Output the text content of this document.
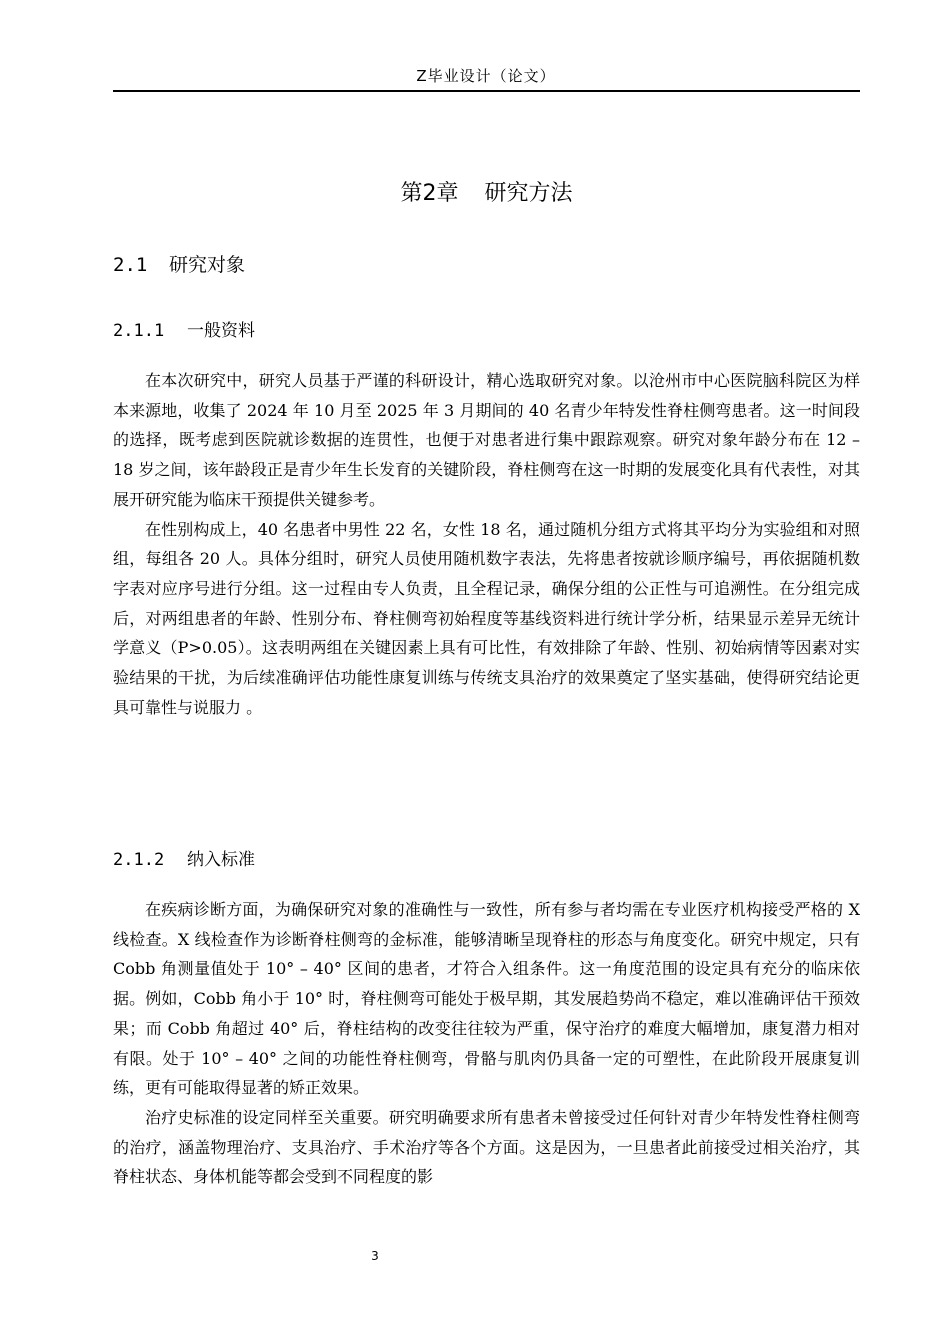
Z毕业设计（论文）
第2章 研究方法
2.1 研究对象
2.1.1 一般资料

在本次研究中，研究人员基于严谨的科研设计，精心选取研究对象。以沧州市中心医院脑科院区为样本来源地，收集了 2024 年 10 月至 2025 年 3 月期间的 40 名青少年特发性脊柱侧弯患者。这一时间段的选择，既考虑到医院就诊数据的连贯性，也便于对患者进行集中跟踪观察。研究对象年龄分布在 12 – 18 岁之间，该年龄段正是青少年生长发育的关键阶段，脊柱侧弯在这一时期的发展变化具有代表性，对其展开研究能为临床干预提供关键参考。

在性别构成上，40 名患者中男性 22 名，女性 18 名，通过随机分组方式将其平均分为实验组和对照组，每组各 20 人。具体分组时，研究人员使用随机数字表法，先将患者按就诊顺序编号，再依据随机数字表对应序号进行分组。这一过程由专人负责，且全程记录，确保分组的公正性与可追溯性。在分组完成后，对两组患者的年龄、性别分布、脊柱侧弯初始程度等基线资料进行统计学分析，结果显示差异无统计学意义（P>0.05）。这表明两组在关键因素上具有可比性，有效排除了年龄、性别、初始病情等因素对实验结果的干扰，为后续准确评估功能性康复训练与传统支具治疗的效果奠定了坚实基础，使得研究结论更具可靠性与说服力 。

2.1.2 纳入标准

在疾病诊断方面，为确保研究对象的准确性与一致性，所有参与者均需在专业医疗机构接受严格的 X 线检查。X 线检查作为诊断脊柱侧弯的金标准，能够清晰呈现脊柱的形态与角度变化。研究中规定，只有 Cobb 角测量值处于 10° – 40° 区间的患者，才符合入组条件。这一角度范围的设定具有充分的临床依据。例如，Cobb 角小于 10° 时，脊柱侧弯可能处于极早期，其发展趋势尚不稳定，难以准确评估干预效果；而 Cobb 角超过 40° 后，脊柱结构的改变往往较为严重，保守治疗的难度大幅增加，康复潜力相对有限。处于 10° – 40° 之间的功能性脊柱侧弯，骨骼与肌肉仍具备一定的可塑性，在此阶段开展康复训练，更有可能取得显著的矫正效果。

治疗史标准的设定同样至关重要。研究明确要求所有患者未曾接受过任何针对青少年特发性脊柱侧弯的治疗，涵盖物理治疗、支具治疗、手术治疗等各个方面。这是因为，一旦患者此前接受过相关治疗，其脊柱状态、身体机能等都会受到不同程度的影

3
